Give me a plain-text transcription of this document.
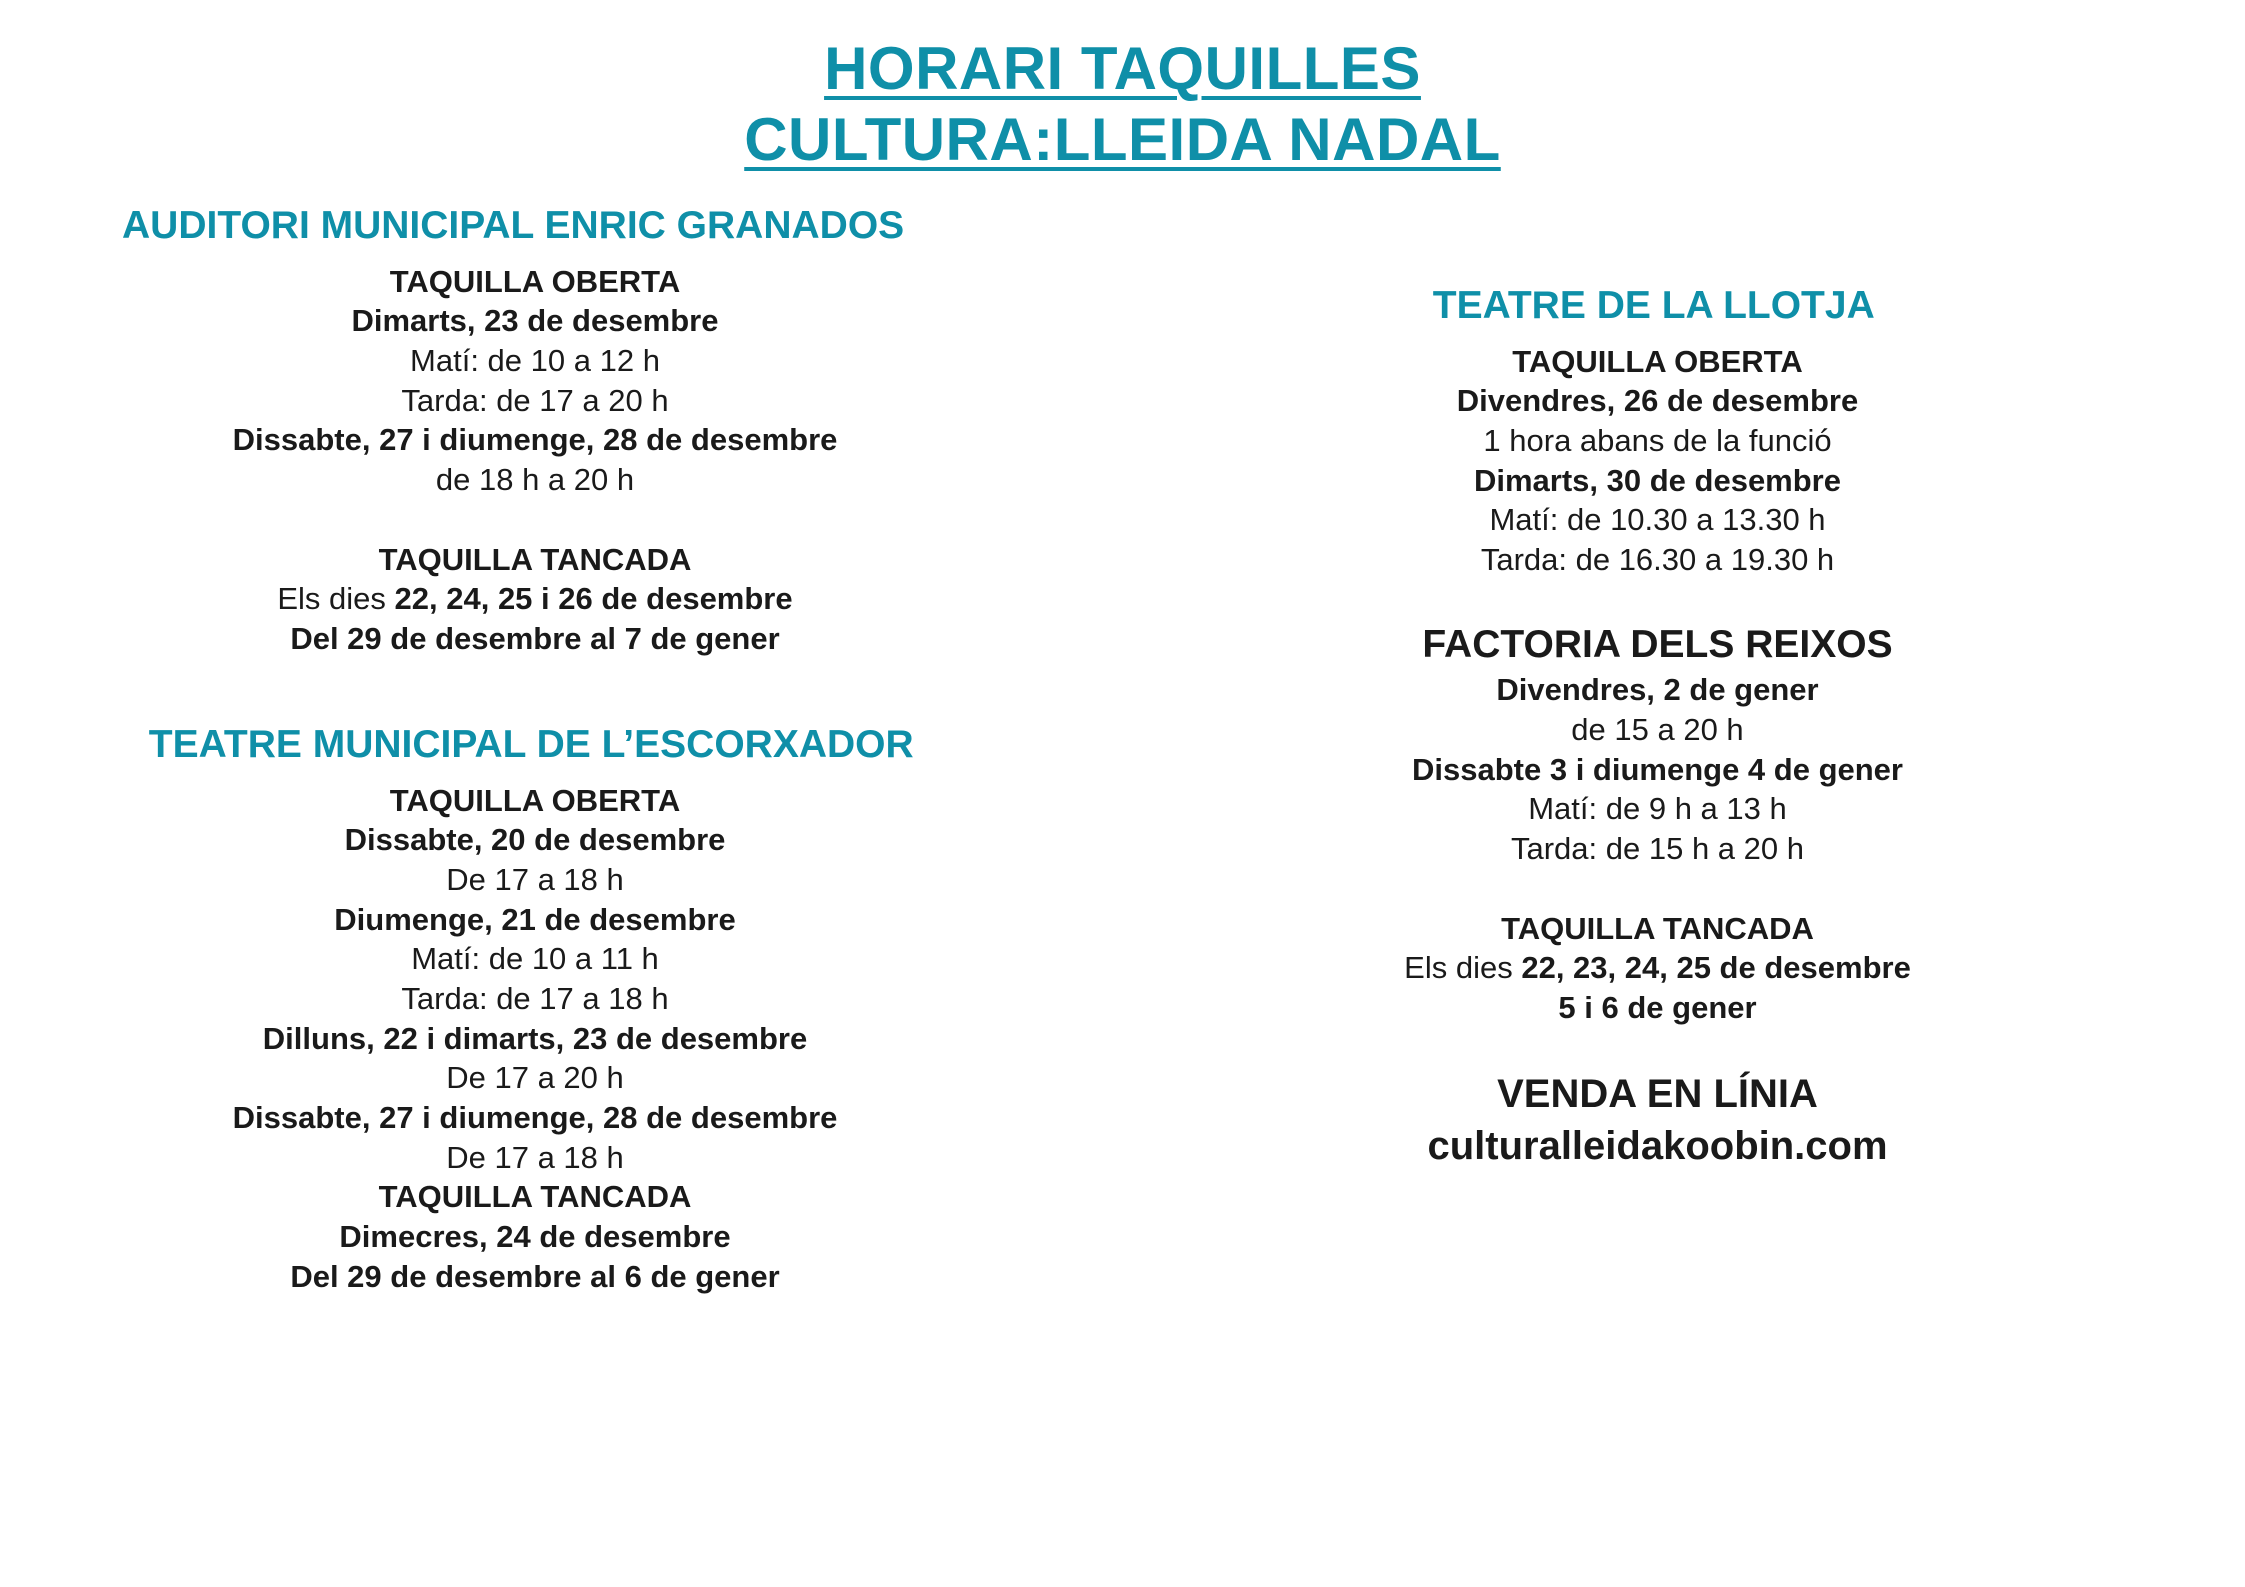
HORARI TAQUILLES
CULTURA:LLEIDA NADAL
AUDITORI MUNICIPAL ENRIC GRANADOS
TAQUILLA OBERTA
Dimarts, 23 de desembre
Matí: de 10 a 12 h
Tarda: de 17 a 20 h
Dissabte, 27 i diumenge, 28 de desembre
de 18 h a 20 h
TAQUILLA TANCADA
Els dies 22, 24, 25 i 26 de desembre
Del 29 de desembre al 7 de gener
TEATRE MUNICIPAL DE L’ESCORXADOR
TAQUILLA OBERTA
Dissabte, 20 de desembre
De 17 a 18 h
Diumenge, 21 de desembre
Matí: de 10 a 11 h
Tarda: de 17 a 18 h
Dilluns, 22 i dimarts, 23 de desembre
De 17 a 20 h
Dissabte, 27 i diumenge, 28 de desembre
De 17 a 18 h
TAQUILLA TANCADA
Dimecres, 24 de desembre
Del 29 de desembre al 6 de gener
TEATRE DE LA LLOTJA
TAQUILLA OBERTA
Divendres, 26 de desembre
1 hora abans de la funció
Dimarts, 30 de desembre
Matí: de 10.30 a 13.30 h
Tarda: de 16.30 a 19.30 h
FACTORIA DELS REIXOS
Divendres, 2 de gener
de 15 a 20 h
Dissabte 3 i diumenge 4 de gener
Matí: de 9 h a 13 h
Tarda: de 15 h a 20 h
TAQUILLA TANCADA
Els dies 22, 23, 24, 25 de desembre
5 i 6 de gener
VENDA EN LÍNIA
culturalleidakoobin.com
